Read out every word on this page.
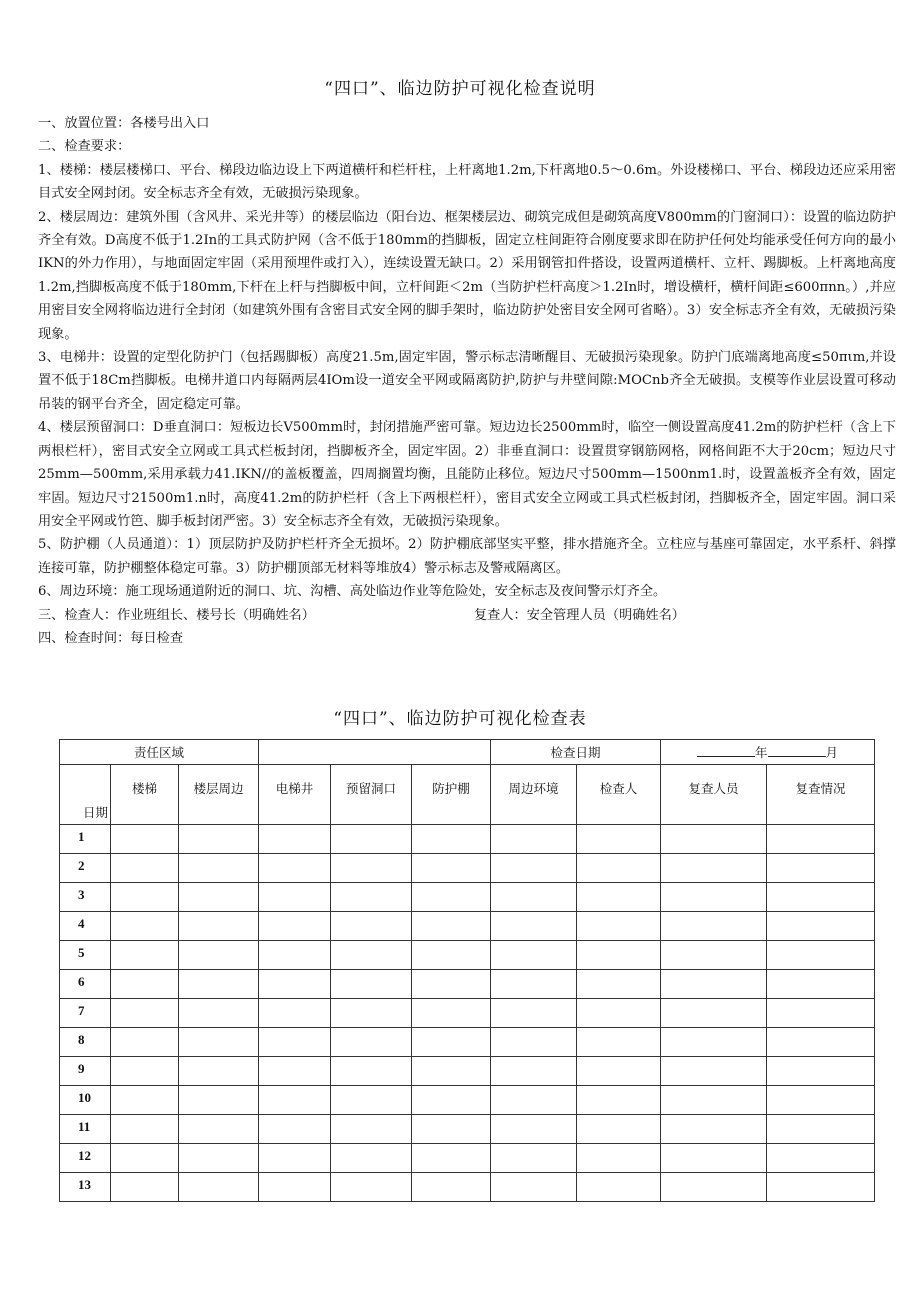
“四口”、临边防护可视化检查说明

一、放置位置：各楼号出入口

二、检查要求：

1、楼梯：楼层楼梯口、平台、梯段边临边设上下两道横杆和栏杆柱，上杆离地1.2m,下杆离地0.5～0.6m。外设楼梯口、平台、梯段边还应采用密目式安全网封闭。安全标志齐全有效，无破损污染现象。

2、楼层周边：建筑外围（含风井、采光井等）的楼层临边（阳台边、框架楼层边、砌筑完成但是砌筑高度V800mm的门窗洞口）：设置的临边防护齐全有效。D高度不低于1.2In的工具式防护网（含不低于180mm的挡脚板，固定立柱间距符合刚度要求即在防护任何处均能承受任何方向的最小IKN的外力作用），与地面固定牢固（采用预埋件或打入），连续设置无缺口。2）采用钢管扣件搭设，设置两道横杆、立杆、踢脚板。上杆离地高度1.2m,挡脚板高度不低于180mm,下杆在上杆与挡脚板中间，立杆间距＜2m（当防护栏杆高度＞1.2In时，增设横杆，横杆间距≤600πnn。）,并应用密目安全网将临边进行全封闭（如建筑外围有含密目式安全网的脚手架时，临边防护处密目安全网可省略）。3）安全标志齐全有效，无破损污染现象。

3、电梯井：设置的定型化防护门（包括踢脚板）高度21.5m,固定牢固，警示标志清晰醒目、无破损污染现象。防护门底端离地高度≤50πιm,并设置不低于18Cm挡脚板。电梯井道口内每隔两层4IOm设一道安全平网或隔离防护,防护与井壁间隙:MOCnb齐全无破损。支模等作业层设置可移动吊装的钢平台齐全，固定稳定可靠。

4、楼层预留洞口：D垂直洞口：短板边长V500mm时，封闭措施严密可靠。短边边长2500mm时，临空一侧设置高度41.2m的防护栏杆（含上下两根栏杆），密目式安全立网或工具式栏板封闭，挡脚板齐全，固定牢固。2）非垂直洞口：设置贯穿钢筋网格，网格间距不大于20cm；短边尺寸25mm—500mm,采用承载力41.IKN//的盖板覆盖，四周搁置均衡，且能防止移位。短边尺寸500mm—1500nm1.时，设置盖板齐全有效，固定牢固。短边尺寸21500m1.n时，高度41.2m的防护栏杆（含上下两根栏杆），密目式安全立网或工具式栏板封闭，挡脚板齐全，固定牢固。洞口采用安全平网或竹笆、脚手板封闭严密。3）安全标志齐全有效，无破损污染现象。

5、防护棚（人员通道）：1）顶层防护及防护栏杆齐全无损坏。2）防护棚底部坚实平整，排水措施齐全。立柱应与基座可靠固定，水平系杆、斜撑连接可靠，防护棚整体稳定可靠。3）防护棚顶部无材料等堆放4）警示标志及警戒隔离区。

6、周边环境：施工现场通道附近的洞口、坑、沟槽、高处临边作业等危险处，安全标志及夜间警示灯齐全。

三、检查人：作业班组长、楼号长（明确姓名）	复查人：安全管理人员（明确姓名）

四、检查时间：每日检查

“四口”、临边防护可视化检查表
责任区域						检查日期		年 月	
日期	楼梯	楼层周边	电梯井	预留洞口	防护棚	周边环境	检查人	复查人员	复查情况
1									
2									
3									
4									
5									
6									
7									
8									
9									
10									
11									
12									
13									
